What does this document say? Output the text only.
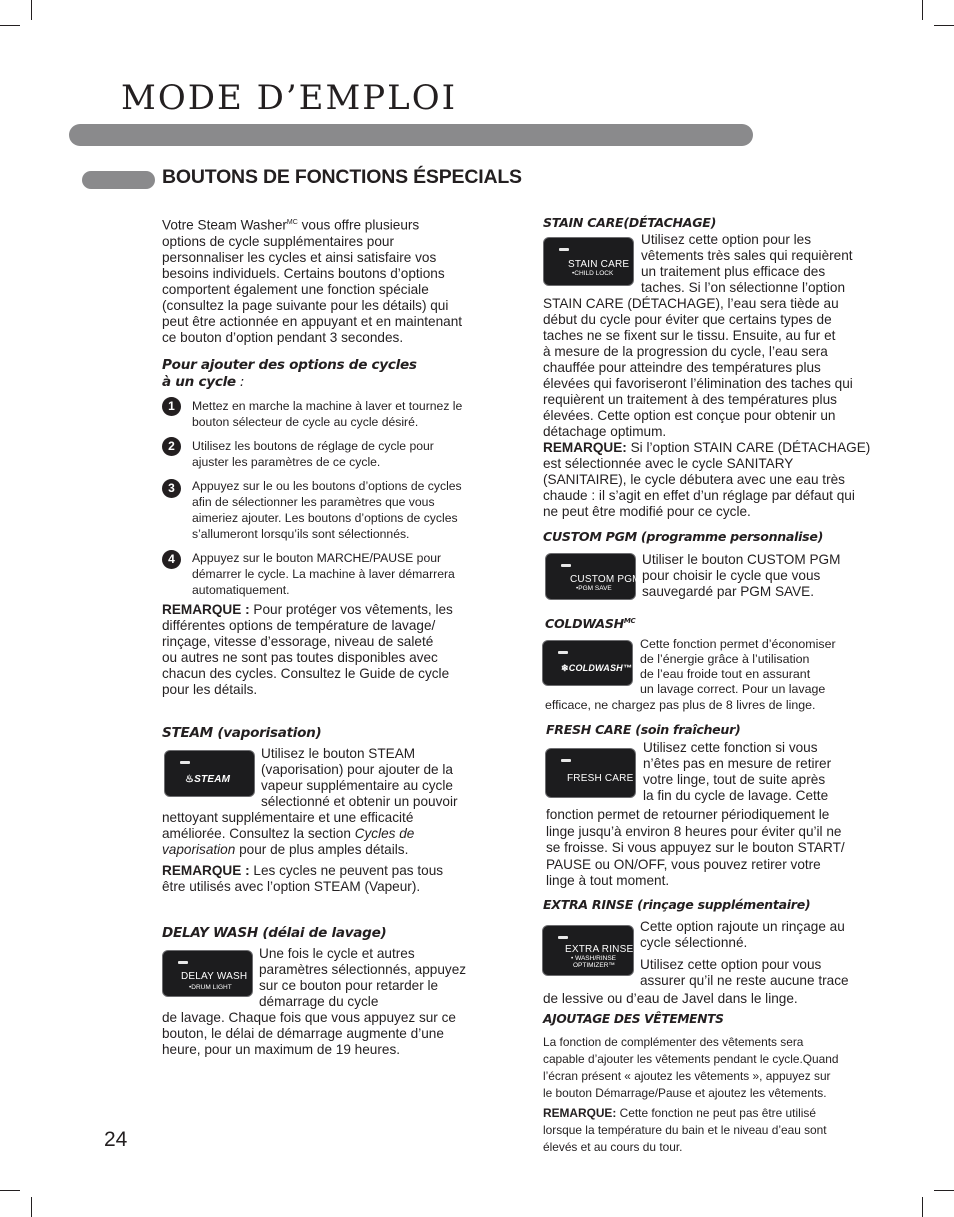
MODE D’EMPLOI
BOUTONS DE FONCTIONS ÉSPECIALS
Votre Steam Washer$^{MC}$ vous offre plusieurs
options de cycle supplémentaires pour
personnaliser les cycles et ainsi satisfaire vos
besoins individuels. Certains boutons d’options
comportent également une fonction spéciale
(consultez la page suivante pour les détails) qui
peut être actionnée en appuyant et en maintenant
ce bouton d’option pendant 3 secondes.
Pour ajouter des options de cycles
à un cycle :
1	Mettez en marche la machine à laver et tournez le
bouton sélecteur de cycle au cycle désiré.
2	Utilisez les boutons de réglage de cycle pour
ajuster les paramètres de ce cycle.
3	Appuyez sur le ou les boutons d’options de cycles
afin de sélectionner les paramètres que vous
aimeriez ajouter. Les boutons d’options de cycles
s’allumeront lorsqu’ils sont sélectionnés.
4	Appuyez sur le bouton MARCHE/PAUSE pour
démarrer le cycle. La machine à laver démarrera
automatiquement.
REMARQUE : Pour protéger vos vêtements, les
différentes options de température de lavage/
rinçage, vitesse d’essorage, niveau de saleté
ou autres ne sont pas toutes disponibles avec
chacun des cycles. Consultez le Guide de cycle
pour les détails.
STEAM (vaporisation)
♨STEAM
Utilisez le bouton STEAM
(vaporisation) pour ajouter de la
vapeur supplémentaire au cycle
sélectionné et obtenir un pouvoir
nettoyant supplémentaire et une efficacité
améliorée. Consultez la section Cycles de
vaporisation pour de plus amples détails.
REMARQUE : Les cycles ne peuvent pas tous
être utilisés avec l’option STEAM (Vapeur).
DELAY WASH (délai de lavage)
DELAY WASH
•DRUM LIGHT
Une fois le cycle et autres
paramètres sélectionnés, appuyez
sur ce bouton pour retarder le
démarrage du cycle
de lavage. Chaque fois que vous appuyez sur ce
bouton, le délai de démarrage augmente d’une
heure, pour un maximum de 19 heures.
STAIN CARE(DÉTACHAGE)
STAIN CARE
•CHILD LOCK
Utilisez cette option pour les
vêtements très sales qui requièrent
un traitement plus efficace des
taches. Si l’on sélectionne l’option
STAIN CARE (DÉTACHAGE), l’eau sera tiède au
début du cycle pour éviter que certains types de
taches ne se fixent sur le tissu. Ensuite, au fur et
à mesure de la progression du cycle, l’eau sera
chauffée pour atteindre des températures plus
élevées qui favoriseront l’élimination des taches qui
requièrent un traitement à des températures plus
élevées. Cette option est conçue pour obtenir un
détachage optimum.
REMARQUE: Si l’option STAIN CARE (DÉTACHAGE)
est sélectionnée avec le cycle SANITARY
(SANITAIRE), le cycle débutera avec une eau très
chaude : il s’agit en effet d’un réglage par défaut qui
ne peut être modifié pour ce cycle.
CUSTOM PGM (programme personnalise)
CUSTOM PGM
•PGM SAVE
Utiliser le bouton CUSTOM PGM
pour choisir le cycle que vous
sauvegardé par PGM SAVE.
$COLDWASH^{MC}$
❄COLDWASH™
Cette fonction permet d’économiser
de l’énergie grâce à l’utilisation
de l’eau froide tout en assurant
un lavage correct. Pour un lavage
efficace, ne chargez pas plus de 8 livres de linge.
FRESH CARE (soin fraîcheur)
FRESH CARE
Utilisez cette fonction si vous
n’êtes pas en mesure de retirer
votre linge, tout de suite après
la fin du cycle de lavage. Cette
fonction permet de retourner périodiquement le
linge jusqu’à environ 8 heures pour éviter qu’il ne
se froisse. Si vous appuyez sur le bouton START/
PAUSE ou ON/OFF, vous pouvez retirer votre
linge à tout moment.
EXTRA RINSE (rinçage supplémentaire)
EXTRA RINSE
• WASH/RINSE
OPTIMIZER™
Cette option rajoute un rinçage au
cycle sélectionné.
Utilisez cette option pour vous
assurer qu’il ne reste aucune trace
de lessive ou d’eau de Javel dans le linge.
AJOUTAGE DES VÊTEMENTS
La fonction de complémenter des vêtements sera
capable d’ajouter les vêtements pendant le cycle.Quand
l’écran présent « ajoutez les vêtements », appuyez sur
le bouton Démarrage/Pause et ajoutez les vêtements.
REMARQUE: Cette fonction ne peut pas être utilisé
lorsque la température du bain et le niveau d’eau sont
élevés et au cours du tour.
24
